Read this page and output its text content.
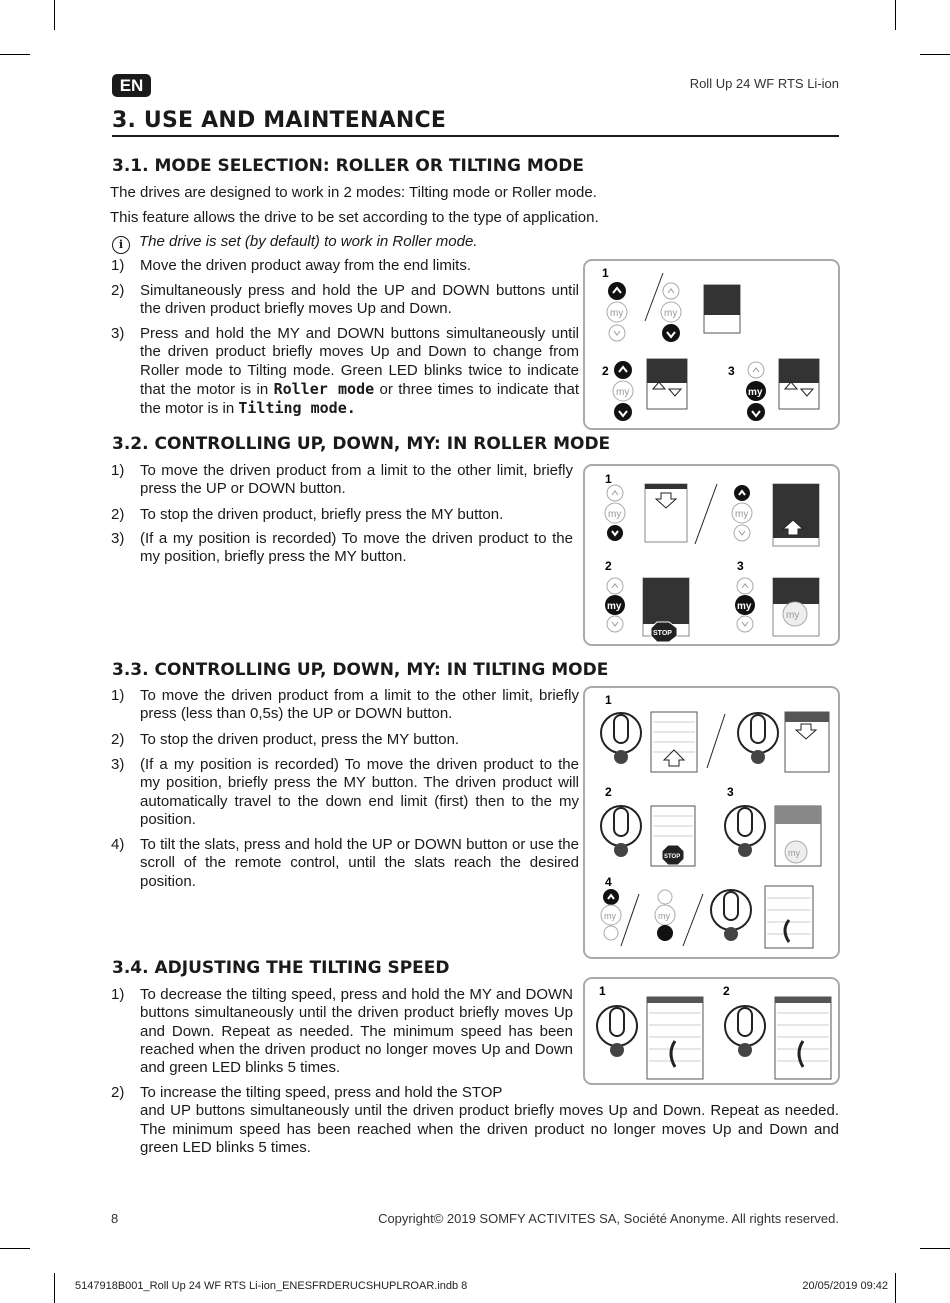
EN	Roll Up 24 WF RTS Li-ion
3. USE AND MAINTENANCE
3.1. MODE SELECTION: ROLLER OR TILTING MODE
The drives are designed to work in 2 modes: Tilting mode or Roller mode.
This feature allows the drive to be set according to the type of application.
i The drive is set (by default) to work in Roller mode.
1) Move the driven product away from the end limits.
2) Simultaneously press and hold the UP and DOWN buttons until the driven product briefly moves Up and Down.
3) Press and hold the MY and DOWN buttons simultaneously until the driven product briefly moves Up and Down to change from Roller mode to Tilting mode. Green LED blinks twice to indicate that the motor is in Roller mode or three times to indicate that the motor is in Tilting mode.
1
my	my
2
my
3
my
3.2. CONTROLLING UP, DOWN, MY: IN ROLLER MODE
1) To move the driven product from a limit to the other limit, briefly press the UP or DOWN button.
2) To stop the driven product, briefly press the MY button.
3) (If a my position is recorded) To move the driven product to the my position, briefly press the MY button.
1
my	my
2
my
STOP
3
my
my
3.3. CONTROLLING UP, DOWN, MY: IN TILTING MODE
1) To move the driven product from a limit to the other limit, briefly press (less than 0,5s) the UP or DOWN button.
2) To stop the driven product, press the MY button.
3) (If a my position is recorded) To move the driven product to the my position, briefly press the MY button. The driven product will automatically travel to the down end limit (first) then to the my position.
4) To tilt the slats, press and hold the UP or DOWN button or use the scroll of the remote control, until the slats reach the desired position.
1
2
STOP
3
my
4
my	my
3.4. ADJUSTING THE TILTING SPEED
1) To decrease the tilting speed, press and hold the MY and DOWN buttons simultaneously until the driven product briefly moves Up and Down. Repeat as needed. The minimum speed has been reached when the driven product no longer moves Up and Down and green LED blinks 5 times.
2) To increase the tilting speed, press and hold the STOP
and UP buttons simultaneously until the driven product briefly moves Up and Down. Repeat as needed. The minimum speed has been reached when the driven product no longer moves Up and Down and green LED blinks 5 times.
1	2
8	Copyright© 2019 SOMFY ACTIVITES SA, Société Anonyme. All rights reserved.
5147918B001_Roll Up 24 WF RTS Li-ion_ENESFRDERUCSHUPLROAR.indb 8	20/05/2019 09:42
